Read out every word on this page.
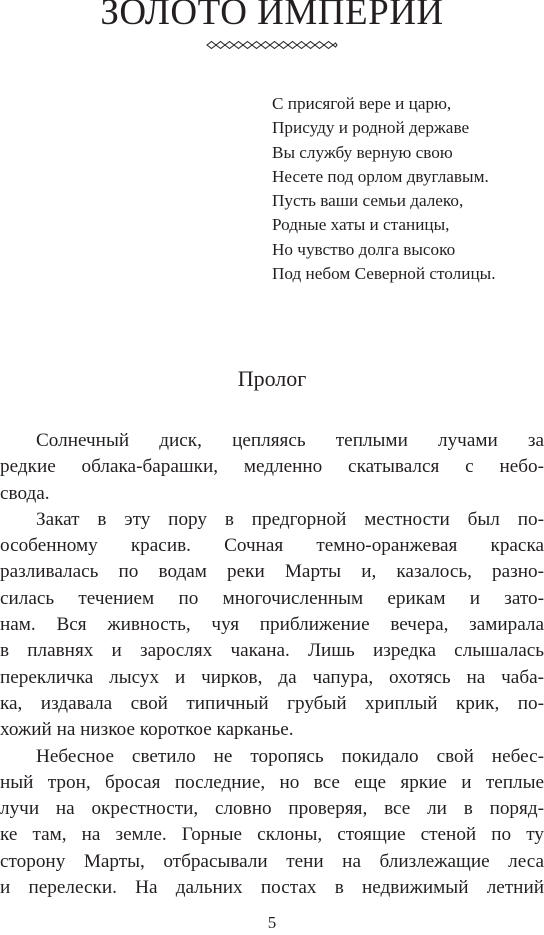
ЗОЛОТО ИМПЕРИИ
С присягой вере и царю,
Присуду и родной державе
Вы службу верную свою
Несете под орлом двуглавым.
Пусть ваши семьи далеко,
Родные хаты и станицы,
Но чувство долга высоко
Под небом Северной столицы.
Пролог
Солнечный диск, цепляясь теплыми лучами за
редкие облака-барашки, медленно скатывался с небо-
свода.
Закат в эту пору в предгорной местности был по-
особенному красив. Сочная темно-оранжевая краска
разливалась по водам реки Марты и, казалось, разно-
силась течением по многочисленным ерикам и зато-
нам. Вся живность, чуя приближение вечера, замирала
в плавнях и зарослях чакана. Лишь изредка слышалась
перекличка лысух и чирков, да чапура, охотясь на чаба-
ка, издавала свой типичный грубый хриплый крик, по-
хожий на низкое короткое карканье.
Небесное светило не торопясь покидало свой небес-
ный трон, бросая последние, но все еще яркие и теплые
лучи на окрестности, словно проверяя, все ли в поряд-
ке там, на земле. Горные склоны, стоящие стеной по ту
сторону Марты, отбрасывали тени на близлежащие леса
и перелески. На дальних постах в недвижимый летний
5
